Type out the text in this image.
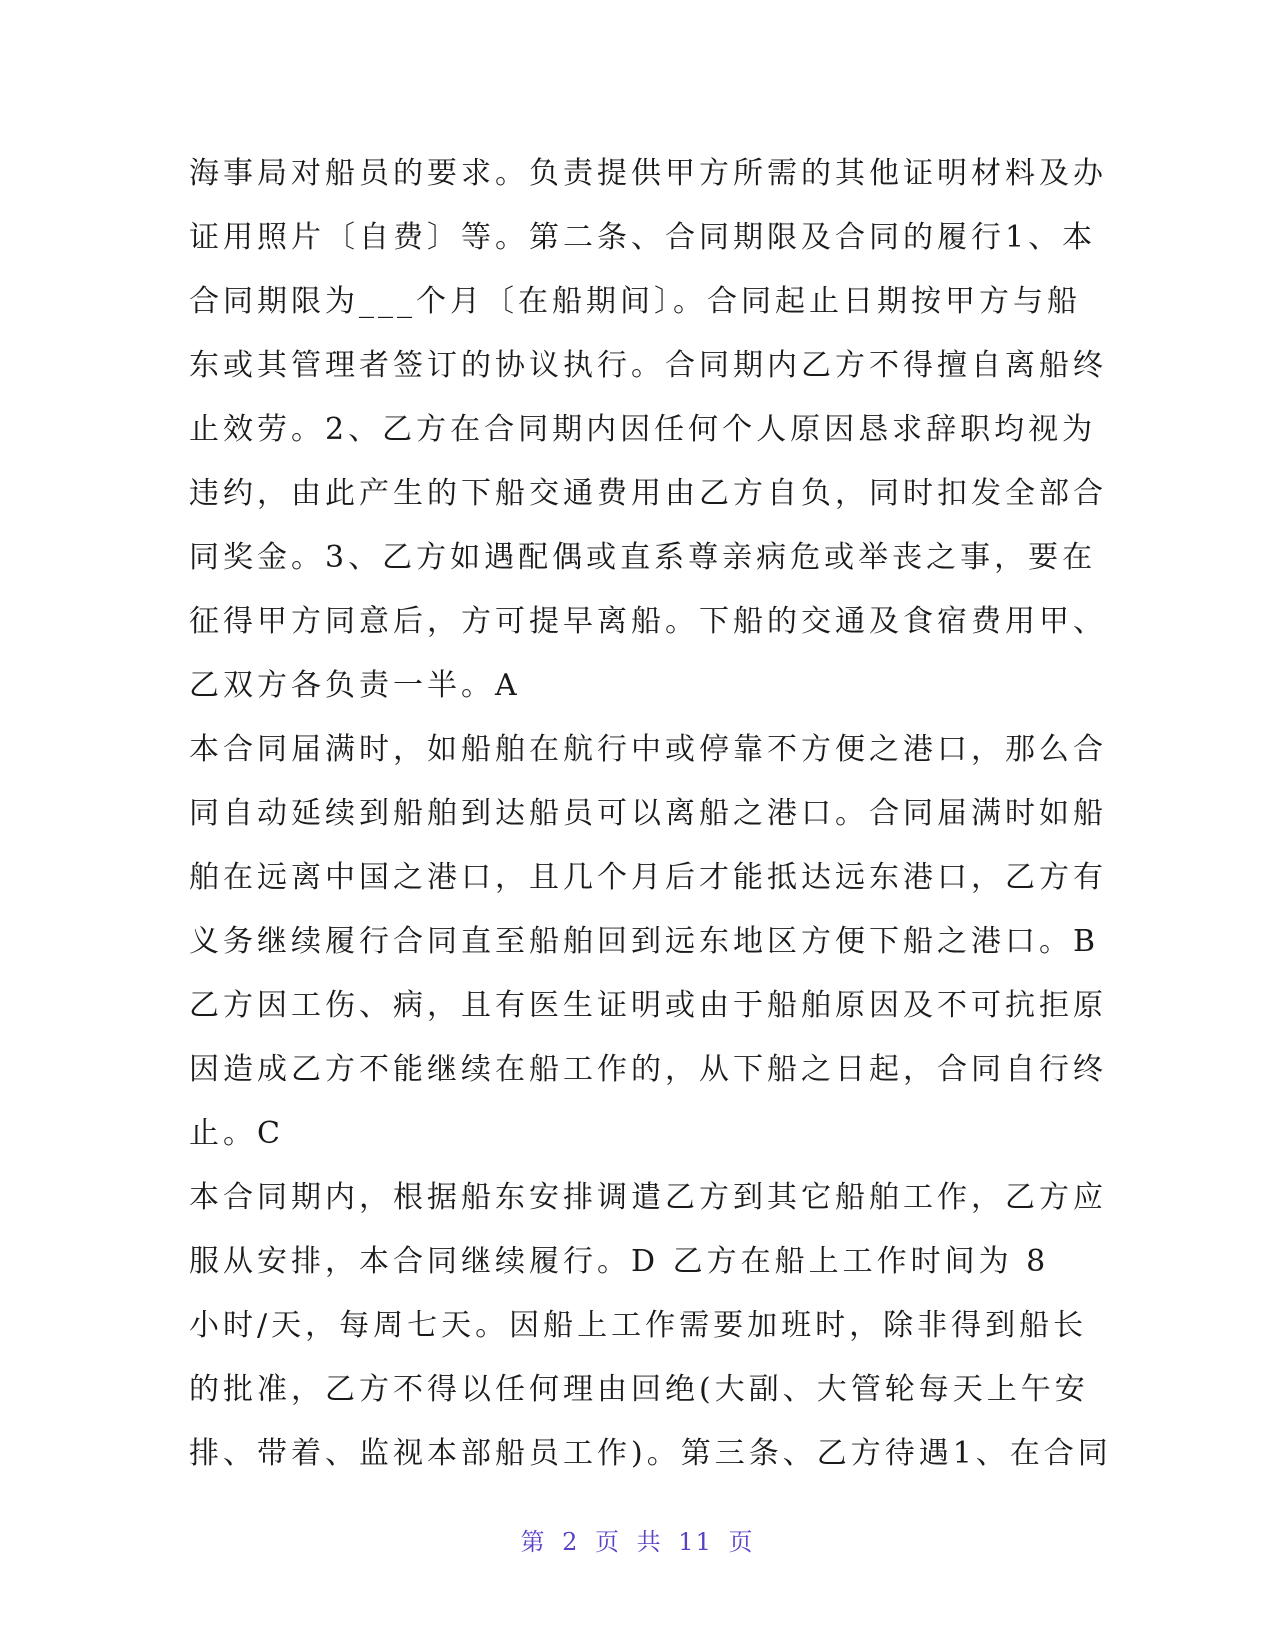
海事局对船员的要求。负责提供甲方所需的其他证明材料及办
证用照片〔自费〕等。第二条、合同期限及合同的履行1、本
合同期限为___个月〔在船期间〕。合同起止日期按甲方与船
东或其管理者签订的协议执行。合同期内乙方不得擅自离船终
止效劳。2、乙方在合同期内因任何个人原因恳求辞职均视为
违约，由此产生的下船交通费用由乙方自负，同时扣发全部合
同奖金。3、乙方如遇配偶或直系尊亲病危或举丧之事，要在
征得甲方同意后，方可提早离船。下船的交通及食宿费用甲、
乙双方各负责一半。A
本合同届满时，如船舶在航行中或停靠不方便之港口，那么合
同自动延续到船舶到达船员可以离船之港口。合同届满时如船
舶在远离中国之港口，且几个月后才能抵达远东港口，乙方有
义务继续履行合同直至船舶回到远东地区方便下船之港口。B
乙方因工伤、病，且有医生证明或由于船舶原因及不可抗拒原
因造成乙方不能继续在船工作的，从下船之日起，合同自行终
止。C
本合同期内，根据船东安排调遣乙方到其它船舶工作，乙方应
服从安排，本合同继续履行。D 乙方在船上工作时间为 8
小时/天，每周七天。因船上工作需要加班时，除非得到船长
的批准，乙方不得以任何理由回绝(大副、大管轮每天上午安
排、带着、监视本部船员工作)。第三条、乙方待遇1、在合同
第 2 页 共 11 页
